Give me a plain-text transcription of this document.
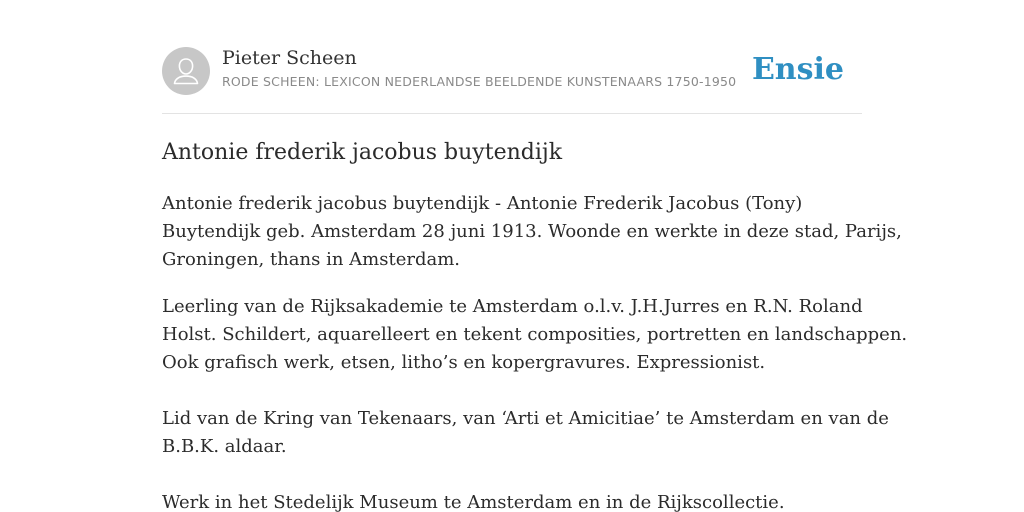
Pieter Scheen
RODE SCHEEN: LEXICON NEDERLANDSE BEELDENDE KUNSTENAARS 1750-1950 Ensie
Antonie frederik jacobus buytendijk

Antonie frederik jacobus buytendijk - Antonie Frederik Jacobus (Tony)
Buytendijk geb. Amsterdam 28 juni 1913. Woonde en werkte in deze stad, Parijs,
Groningen, thans in Amsterdam.

Leerling van de Rijksakademie te Amsterdam o.l.v. J.H.Jurres en R.N. Roland
Holst. Schildert, aquarelleert en tekent composities, portretten en landschappen.
Ook grafisch werk, etsen, litho’s en kopergravures. Expressionist.
Lid van de Kring van Tekenaars, van ‘Arti et Amicitiae’ te Amsterdam en van de
B.B.K. aldaar.
Werk in het Stedelijk Museum te Amsterdam en in de Rijkscollectie.
